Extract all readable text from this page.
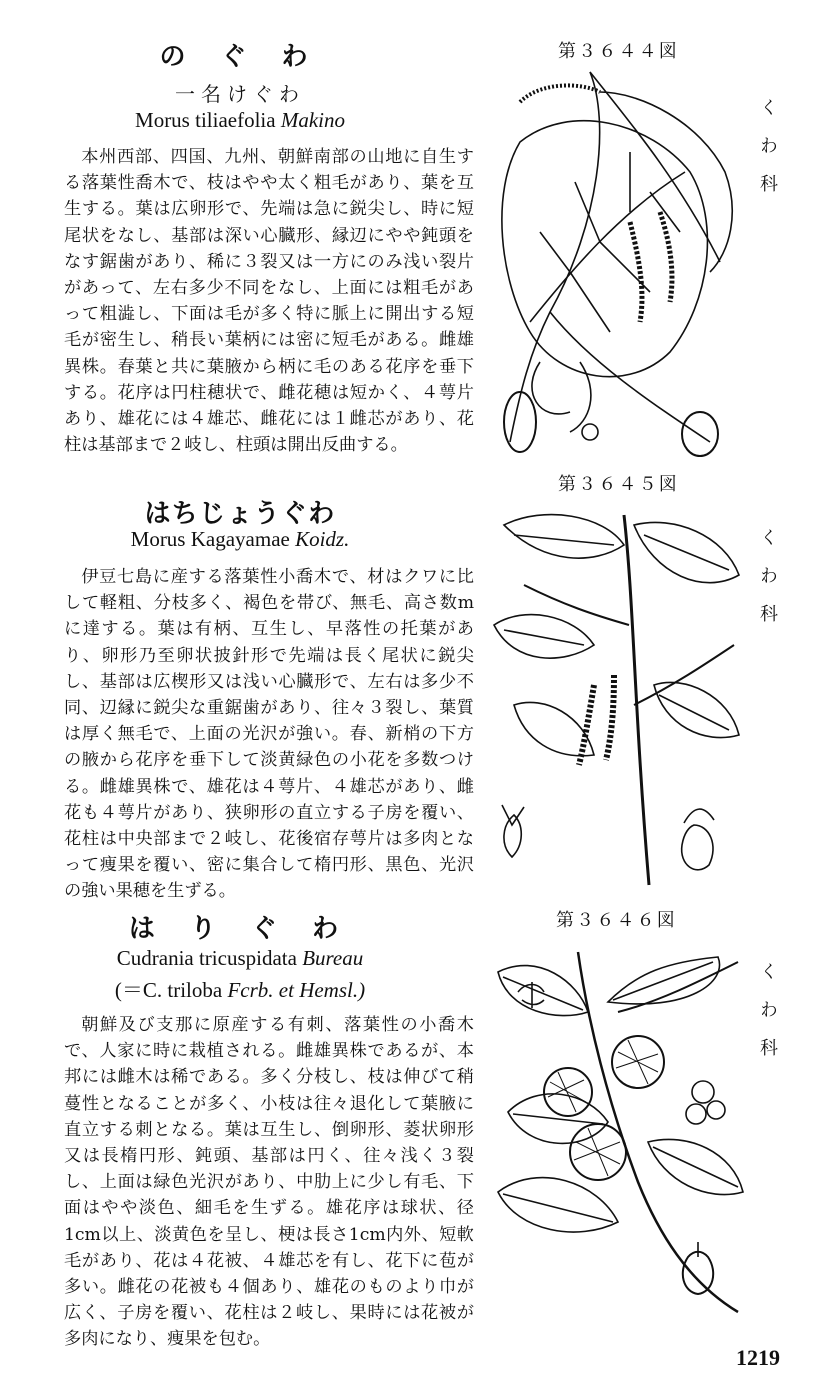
の ぐ わ
一名けぐわ
Morus tiliaefolia Makino

本州西部、四国、九州、朝鮮南部の山地に自生する落葉性喬木で、枝はやや太く粗毛があり、葉を互生する。葉は広卵形で、先端は急に鋭尖し、時に短尾状をなし、基部は深い心臓形、縁辺にやや鈍頭をなす鋸歯があり、稀に３裂又は一方にのみ浅い裂片があって、左右多少不同をなし、上面には粗毛があって粗澁し、下面は毛が多く特に脈上に開出する短毛が密生し、稍長い葉柄には密に短毛がある。雌雄異株。春葉と共に葉腋から柄に毛のある花序を垂下する。花序は円柱穂状で、雌花穂は短かく、４萼片あり、雄花には４雄芯、雌花には１雌芯があり、花柱は基部まで２岐し、柱頭は開出反曲する。

はちじょうぐわ
Morus Kagayamae Koidz.

伊豆七島に産する落葉性小喬木で、材はクワに比して軽粗、分枝多く、褐色を帯び、無毛、高さ数mに達する。葉は有柄、互生し、早落性の托葉があり、卵形乃至卵状披針形で先端は長く尾状に鋭尖し、基部は広楔形又は浅い心臓形で、左右は多少不同、辺縁に鋭尖な重鋸歯があり、往々３裂し、葉質は厚く無毛で、上面の光沢が強い。春、新梢の下方の腋から花序を垂下して淡黄緑色の小花を多数つける。雌雄異株で、雄花は４萼片、４雄芯があり、雌花も４萼片があり、狭卵形の直立する子房を覆い、花柱は中央部まで２岐し、花後宿存萼片は多肉となって痩果を覆い、密に集合して楕円形、黒色、光沢の強い果穂を生ずる。

は り ぐ わ
Cudrania tricuspidata Bureau
(＝C. triloba Fcrb. et Hemsl.)

朝鮮及び支那に原産する有刺、落葉性の小喬木で、人家に時に栽植される。雌雄異株であるが、本邦には雌木は稀である。多く分枝し、枝は伸びて稍蔓性となることが多く、小枝は往々退化して葉腋に直立する刺となる。葉は互生し、倒卵形、菱状卵形又は長楕円形、鈍頭、基部は円く、往々浅く３裂し、上面は緑色光沢があり、中肋上に少し有毛、下面はやや淡色、細毛を生ずる。雄花序は球状、径1cm以上、淡黄色を呈し、梗は長さ1cm内外、短軟毛があり、花は４花被、４雄芯を有し、花下に苞が多い。雌花の花被も４個あり、雄花のものより巾が広く、子房を覆い、花柱は２岐し、果時には花被が多肉になり、痩果を包む。

第３６４４図
第３６４５図
第３６４６図
くわ科
くわ科
くわ科
1219
